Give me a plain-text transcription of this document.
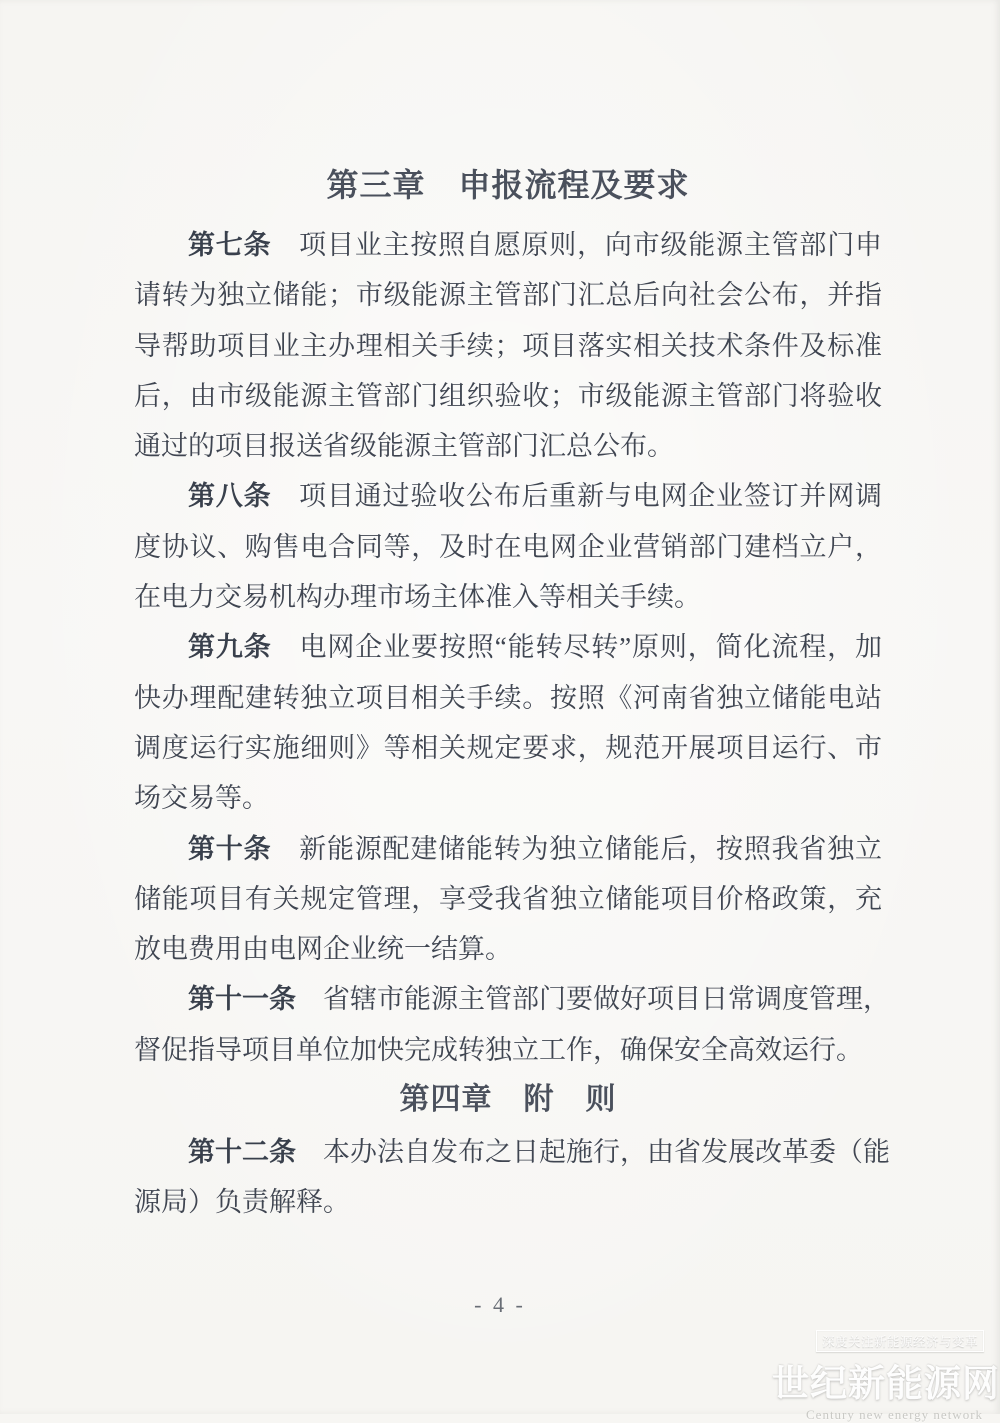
第三章　申报流程及要求

第七条　项目业主按照自愿原则，向市级能源主管部门申
请转为独立储能；市级能源主管部门汇总后向社会公布，并指
导帮助项目业主办理相关手续；项目落实相关技术条件及标准
后，由市级能源主管部门组织验收；市级能源主管部门将验收
通过的项目报送省级能源主管部门汇总公布。

第八条　项目通过验收公布后重新与电网企业签订并网调
度协议、购售电合同等，及时在电网企业营销部门建档立户，
在电力交易机构办理市场主体准入等相关手续。

第九条　电网企业要按照“能转尽转”原则，简化流程，加
快办理配建转独立项目相关手续。按照《河南省独立储能电站
调度运行实施细则》等相关规定要求，规范开展项目运行、市
场交易等。

第十条　新能源配建储能转为独立储能后，按照我省独立
储能项目有关规定管理，享受我省独立储能项目价格政策，充
放电费用由电网企业统一结算。

第十一条　省辖市能源主管部门要做好项目日常调度管理，
督促指导项目单位加快完成转独立工作，确保安全高效运行。

第四章　附　则

第十二条　本办法自发布之日起施行，由省发展改革委（能
源局）负责解释。

- 4 -
深度关注新能源经济与变革
世纪新能源网
Century new energy network
